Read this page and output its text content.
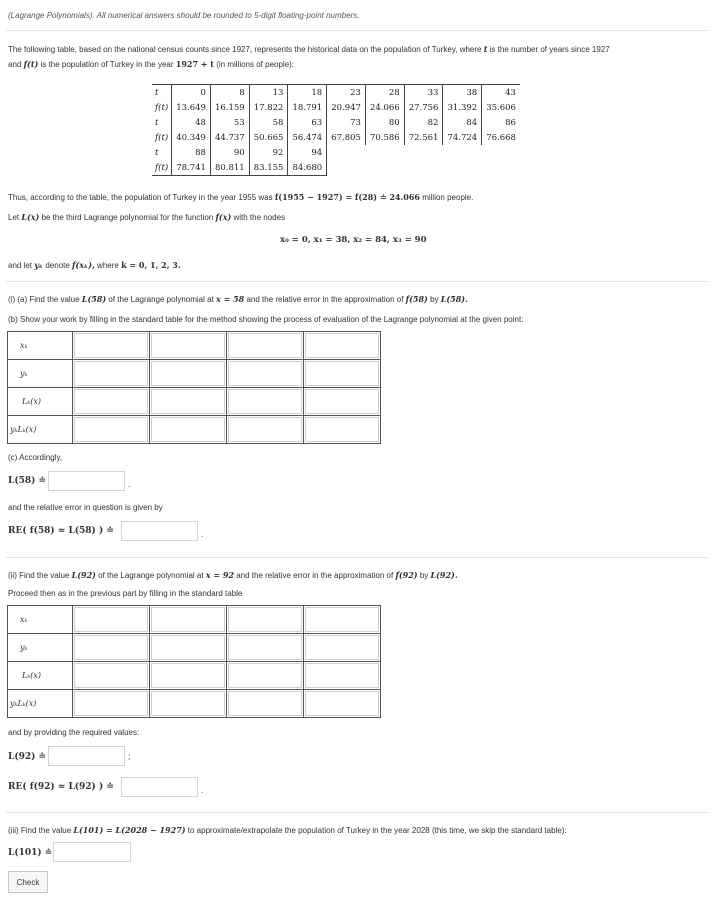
(Lagrange Polynomials). All numerical answers should be rounded to 5-digit floating-point numbers.
The following table, based on the national census counts since 1927, represents the historical data on the population of Turkey, where t is the number of years since 1927
and f(t) is the population of Turkey in the year 1927 + t (in millions of people):
t	0	8	13	18	23	28	33	38	43
f(t)	13.649	16.159	17.822	18.791	20.947	24.066	27.756	31.392	35.606
t	48	53	58	63	73	80	82	84	86
f(t)	40.349	44.737	50.665	56.474	67.805	70.586	72.561	74.724	76.668
t	88	90	92	94					
f(t)	78.741	80.811	83.155	84.680					
Thus, according to the table, the population of Turkey in the year 1955 was f(1955 − 1927) = f(28) ≐ 24.066 million people.
Let L(x) be the third Lagrange polynomial for the function f(x) with the nodes
x₀ = 0, x₁ = 38, x₂ = 84, x₃ = 90
and let yₖ denote f(xₖ), where k = 0, 1, 2, 3.
(i) (a) Find the value L(58) of the Lagrange polynomial at x = 58 and the relative error in the approximation of f(58) by L(58).
(b) Show your work by filling in the standard table for the method showing the process of evaluation of the Lagrange polynomial at the given point:
xₖ	

yₖ	

Lₖ(x)	

yₖLₖ(x)	

(c) Accordingly,
L(58) ≐	.
and the relative error in question is given by
RE( f(58) ≈ L(58) ) ≐	.
(ii) Find the value L(92) of the Lagrange polynomial at x = 92 and the relative error in the approximation of f(92) by L(92).
Proceed then as in the previous part by filling in the standard table
xₖ	

yₖ	

Lₖ(x)	

yₖLₖ(x)	

and by providing the required values:
L(92) ≐	;
RE( f(92) ≈ L(92) ) ≐	.
(iii) Find the value L(101) = L(2028 − 1927) to approximate/extrapolate the population of Turkey in the year 2028 (this time, we skip the standard table):
L(101) ≐
Check
